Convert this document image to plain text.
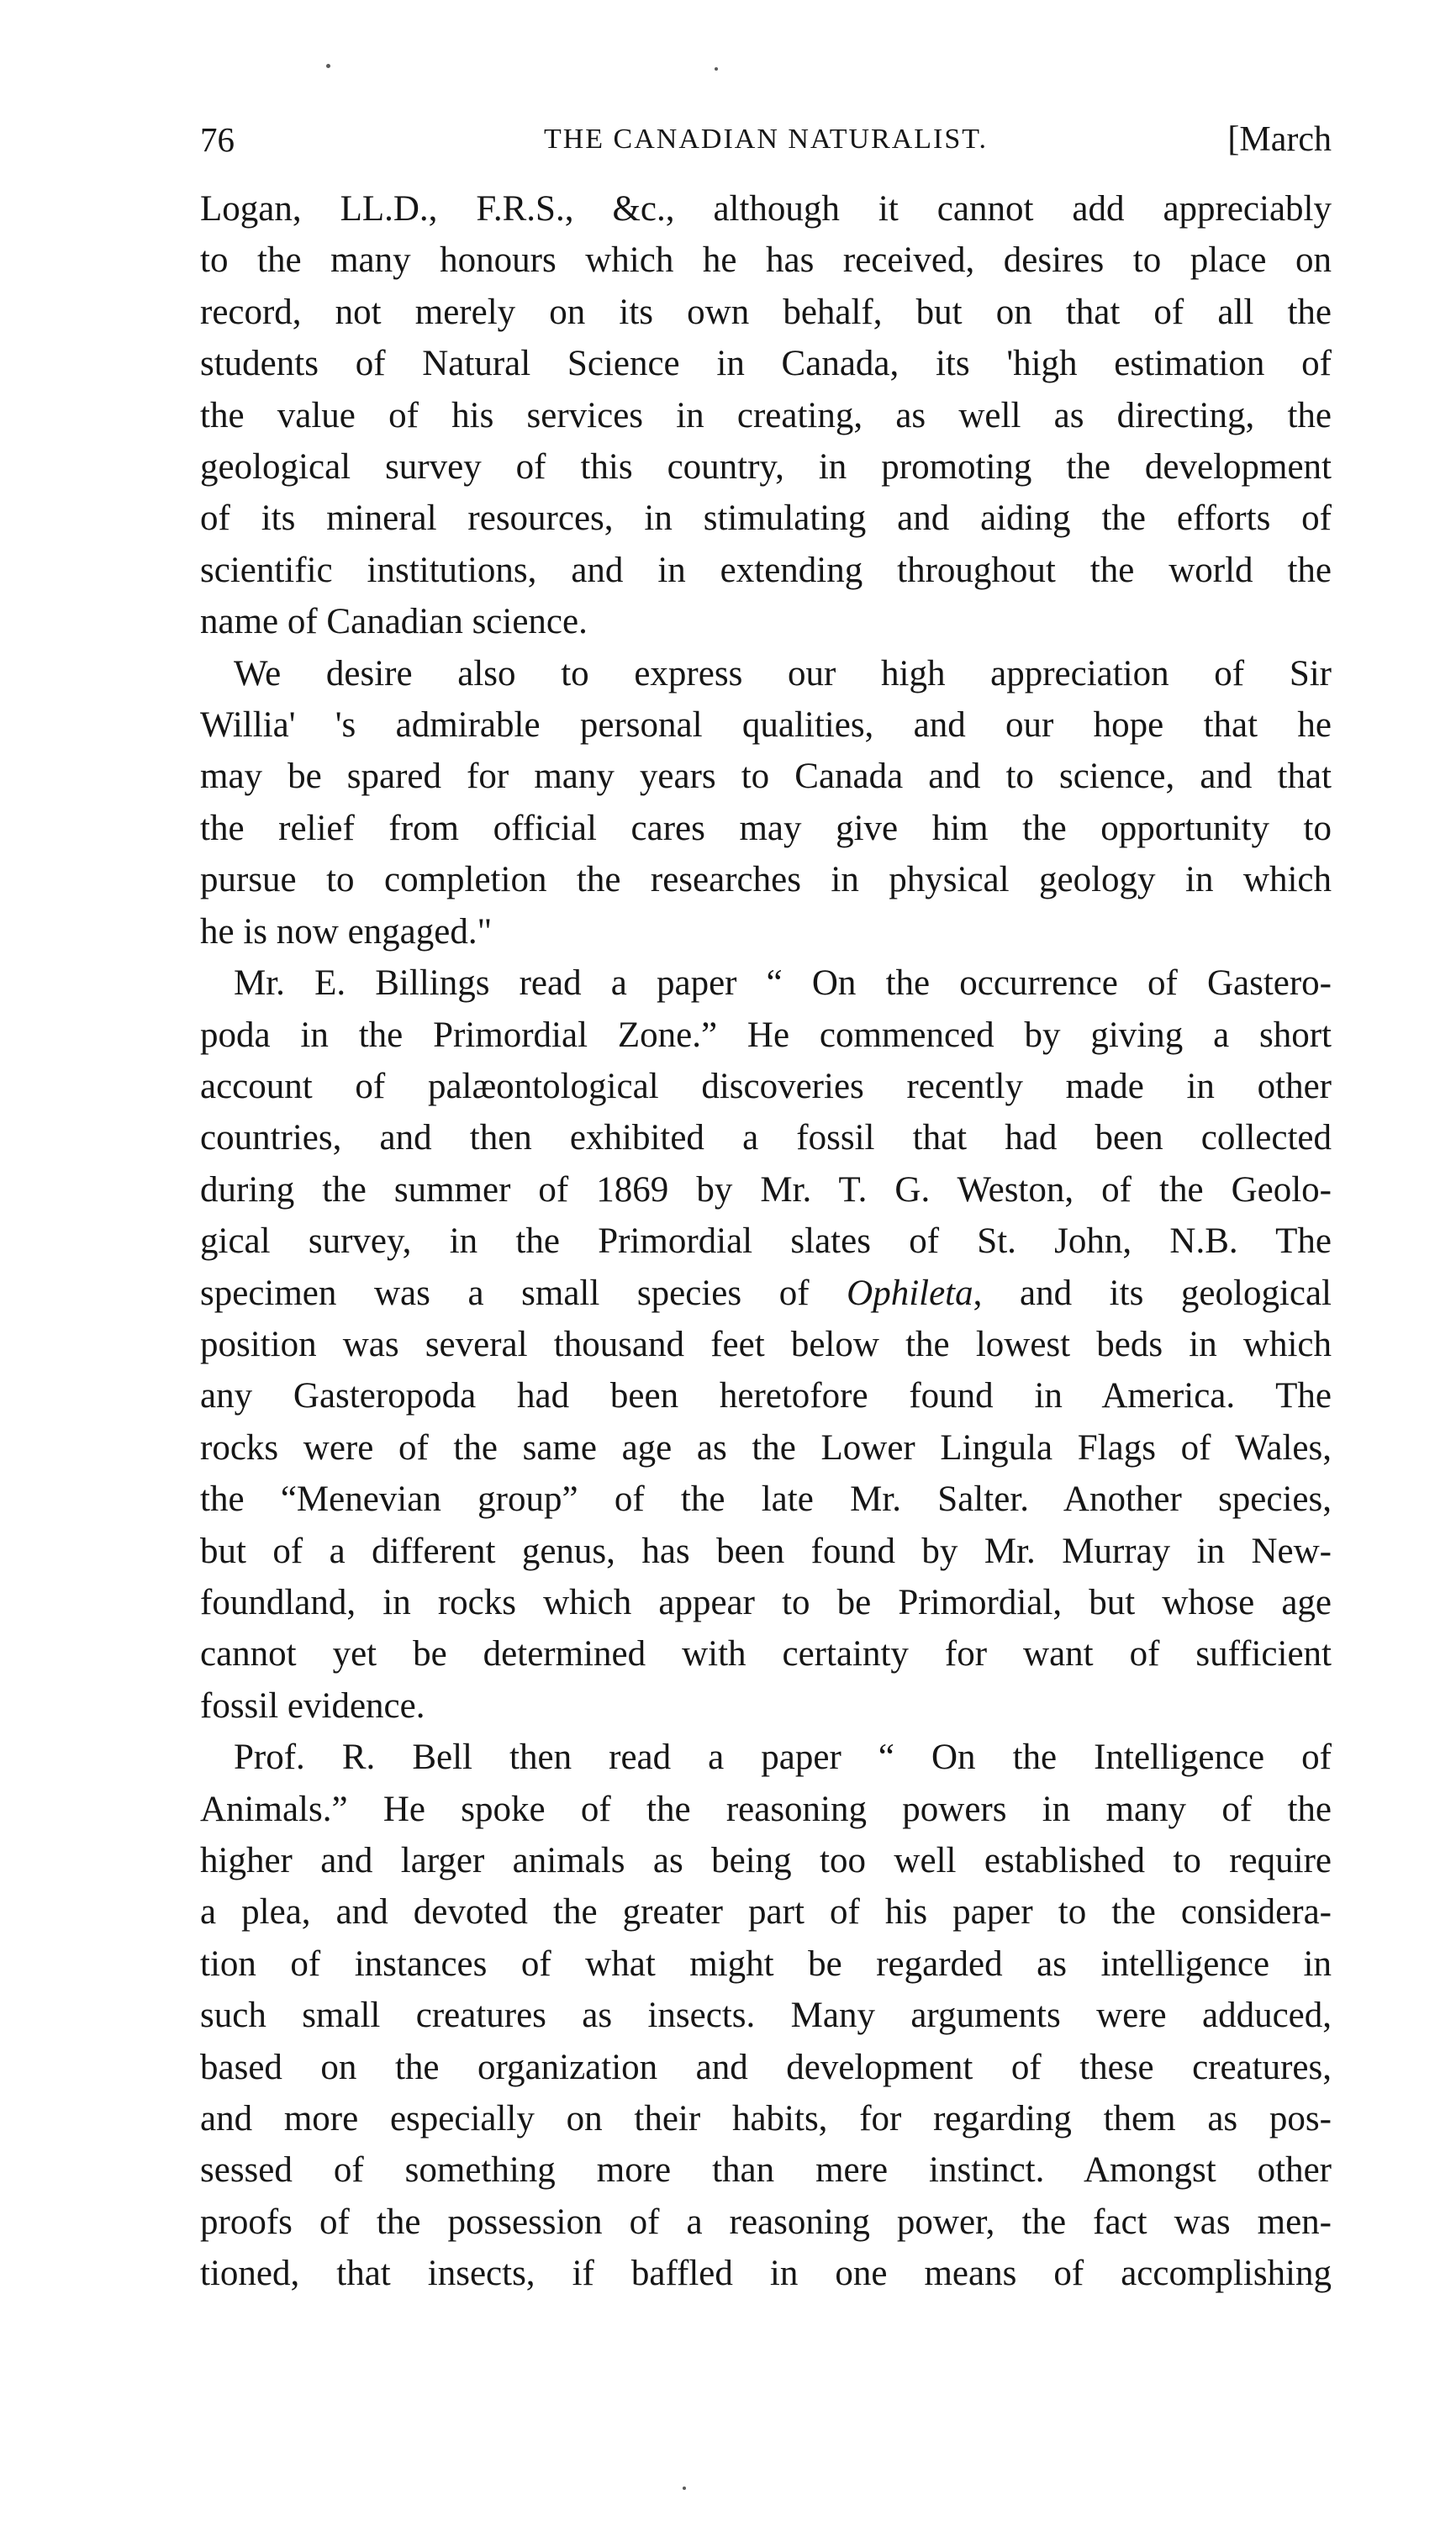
76	THE CANADIAN NATURALIST.	[March
Logan, LL.D., F.R.S., &c., although it cannot add appreciably
to the many honours which he has received, desires to place on
record, not merely on its own behalf, but on that of all the
students of Natural Science in Canada, its 'high estimation of
the value of his services in creating, as well as directing, the
geological survey of this country, in promoting the development
of its mineral resources, in stimulating and aiding the efforts of
scientific institutions, and in extending throughout the world the
name of Canadian science.
We desire also to express our high appreciation of Sir
Willia' 's admirable personal qualities, and our hope that he
may be spared for many years to Canada and to science, and that
the relief from official cares may give him the opportunity to
pursue to completion the researches in physical geology in which
he is now engaged."
Mr. E. Billings read a paper “ On the occurrence of Gastero-
poda in the Primordial Zone.” He commenced by giving a short
account of palæontological discoveries recently made in other
countries, and then exhibited a fossil that had been collected
during the summer of 1869 by Mr. T. G. Weston, of the Geolo-
gical survey, in the Primordial slates of St. John, N.B. The
specimen was a small species of Ophileta, and its geological
position was several thousand feet below the lowest beds in which
any Gasteropoda had been heretofore found in America. The
rocks were of the same age as the Lower Lingula Flags of Wales,
the “Menevian group” of the late Mr. Salter. Another species,
but of a different genus, has been found by Mr. Murray in New-
foundland, in rocks which appear to be Primordial, but whose age
cannot yet be determined with certainty for want of sufficient
fossil evidence.
Prof. R. Bell then read a paper “ On the Intelligence of
Animals.” He spoke of the reasoning powers in many of the
higher and larger animals as being too well established to require
a plea, and devoted the greater part of his paper to the considera-
tion of instances of what might be regarded as intelligence in
such small creatures as insects. Many arguments were adduced,
based on the organization and development of these creatures,
and more especially on their habits, for regarding them as pos-
sessed of something more than mere instinct. Amongst other
proofs of the possession of a reasoning power, the fact was men-
tioned, that insects, if baffled in one means of accomplishing
